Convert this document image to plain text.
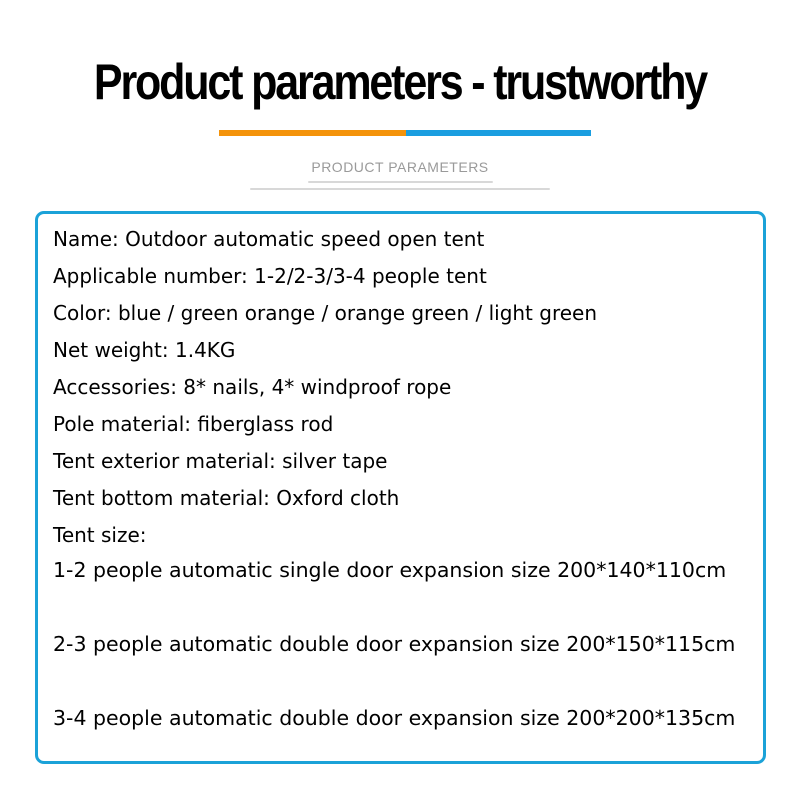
Product parameters - trustworthy
PRODUCT PARAMETERS
Name: Outdoor automatic speed open tent
Applicable number: 1-2/2-3/3-4 people tent
Color: blue / green orange / orange green / light green
Net weight: 1.4KG
Accessories: 8* nails, 4* windproof rope
Pole material: fiberglass rod
Tent exterior material: silver tape
Tent bottom material: Oxford cloth
Tent size:
1-2 people automatic single door expansion size 200*140*110cm
2-3 people automatic double door expansion size 200*150*115cm
3-4 people automatic double door expansion size 200*200*135cm
